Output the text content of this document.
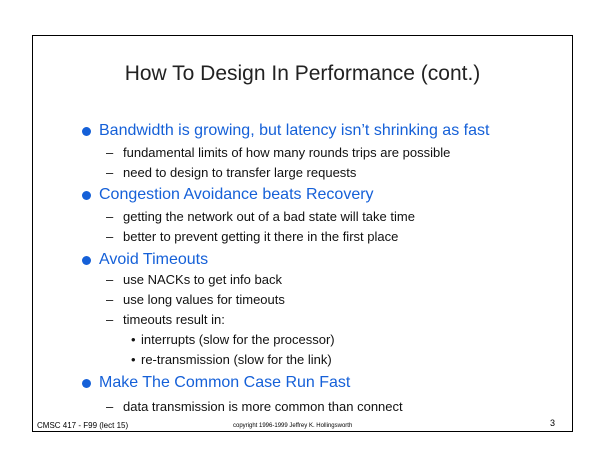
How To Design In Performance (cont.)
Bandwidth is growing, but latency isn’t shrinking as fast
– fundamental limits of how many rounds trips are possible
– need to design to transfer large requests
Congestion Avoidance beats Recovery
– getting the network out of a bad state will take time
– better to prevent getting it there in the first place
Avoid Timeouts
– use NACKs to get info back
– use long values for timeouts
– timeouts result in:
• interrupts (slow for the processor)
• re-transmission (slow for the link)
Make The Common Case Run Fast
– data transmission is more common than connect
CMSC 417 - F99 (lect 15)	copyright 1996-1999 Jeffrey K. Hollingsworth	3
